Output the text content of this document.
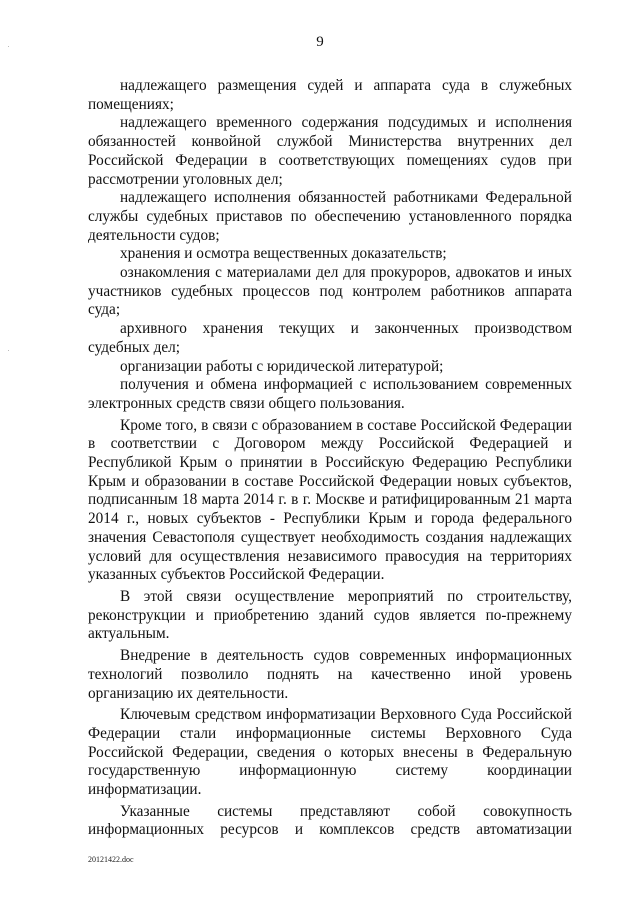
9

надлежащего размещения судей и аппарата суда в служебных помещениях;

надлежащего временного содержания подсудимых и исполнения обязанностей конвойной службой Министерства внутренних дел Российской Федерации в соответствующих помещениях судов при рассмотрении уголовных дел;

надлежащего исполнения обязанностей работниками Федеральной службы судебных приставов по обеспечению установленного порядка деятельности судов;

хранения и осмотра вещественных доказательств;

ознакомления с материалами дел для прокуроров, адвокатов и иных участников судебных процессов под контролем работников аппарата суда;

архивного хранения текущих и законченных производством судебных дел;

организации работы с юридической литературой;

получения и обмена информацией с использованием современных электронных средств связи общего пользования.

Кроме того, в связи с образованием в составе Российской Федерации в соответствии с Договором между Российской Федерацией и Республикой Крым о принятии в Российскую Федерацию Республики Крым и образовании в составе Российской Федерации новых субъектов, подписанным 18 марта 2014 г. в г. Москве и ратифицированным 21 марта 2014 г., новых субъектов - Республики Крым и города федерального значения Севастополя существует необходимость создания надлежащих условий для осуществления независимого правосудия на территориях указанных субъектов Российской Федерации.

В этой связи осуществление мероприятий по строительству, реконструкции и приобретению зданий судов является по-прежнему актуальным.

Внедрение в деятельность судов современных информационных технологий позволило поднять на качественно иной уровень организацию их деятельности.

Ключевым средством информатизации Верховного Суда Российской Федерации стали информационные системы Верховного Суда Российской Федерации, сведения о которых внесены в Федеральную государственную информационную систему координации информатизации.

Указанные системы представляют собой совокупность информационных ресурсов и комплексов средств автоматизации

20121422.doc
